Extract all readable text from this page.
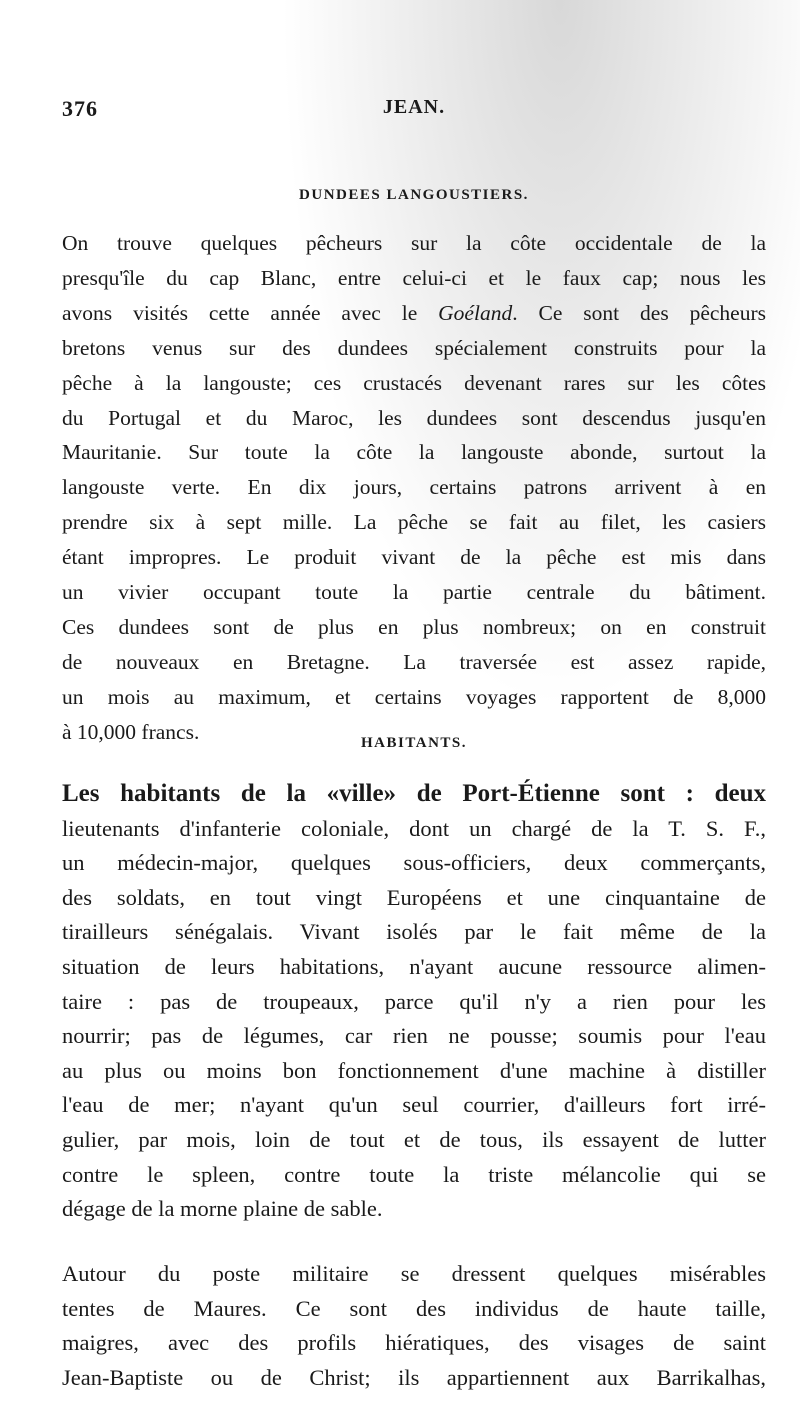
376	JEAN.
DUNDEES LANGOUSTIERS.

On trouve quelques pêcheurs sur la côte occidentale de la
presqu'île du cap Blanc, entre celui-ci et le faux cap; nous les
avons visités cette année avec le Goéland. Ce sont des pêcheurs
bretons venus sur des dundees spécialement construits pour la
pêche à la langouste; ces crustacés devenant rares sur les côtes
du Portugal et du Maroc, les dundees sont descendus jusqu'en
Mauritanie. Sur toute la côte la langouste abonde, surtout la
langouste verte. En dix jours, certains patrons arrivent à en
prendre six à sept mille. La pêche se fait au filet, les casiers
étant impropres. Le produit vivant de la pêche est mis dans
un vivier occupant toute la partie centrale du bâtiment.
Ces dundees sont de plus en plus nombreux; on en construit
de nouveaux en Bretagne. La traversée est assez rapide,
un mois au maximum, et certains voyages rapportent de 8,000
à 10,000 francs.	HABITANTS.

Les habitants de la «ville» de Port-Étienne sont : deux
lieutenants d'infanterie coloniale, dont un chargé de la T. S. F.,
un médecin-major, quelques sous-officiers, deux commerçants,
des soldats, en tout vingt Européens et une cinquantaine de
tirailleurs sénégalais. Vivant isolés par le fait même de la
situation de leurs habitations, n'ayant aucune ressource alimen-
taire : pas de troupeaux, parce qu'il n'y a rien pour les
nourrir; pas de légumes, car rien ne pousse; soumis pour l'eau
au plus ou moins bon fonctionnement d'une machine à distiller
l'eau de mer; n'ayant qu'un seul courrier, d'ailleurs fort irré-
gulier, par mois, loin de tout et de tous, ils essayent de lutter
contre le spleen, contre toute la triste mélancolie qui se
dégage de la morne plaine de sable.

Autour du poste militaire se dressent quelques misérables
tentes de Maures. Ce sont des individus de haute taille,
maigres, avec des profils hiératiques, des visages de saint
Jean-Baptiste ou de Christ; ils appartiennent aux Barrikalhas,
